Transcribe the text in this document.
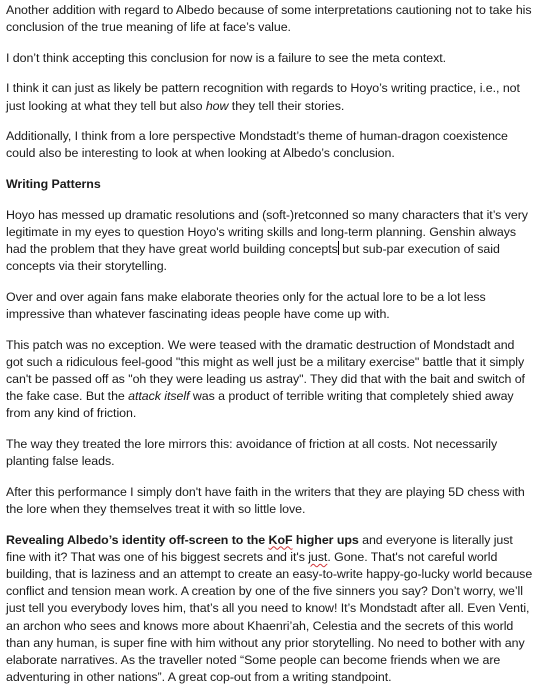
Another addition with regard to Albedo because of some interpretations cautioning not to take his conclusion of the true meaning of life at face’s value.

I don’t think accepting this conclusion for now is a failure to see the meta context.

I think it can just as likely be pattern recognition with regards to Hoyo’s writing practice, i.e., not just looking at what they tell but also how they tell their stories.

Additionally, I think from a lore perspective Mondstadt’s theme of human-dragon coexistence could also be interesting to look at when looking at Albedo’s conclusion.

Writing Patterns

Hoyo has messed up dramatic resolutions and (soft-)retconned so many characters that it’s very legitimate in my eyes to question Hoyo's writing skills and long-term planning. Genshin always had the problem that they have great world building concepts but sub-par execution of said concepts via their storytelling.

Over and over again fans make elaborate theories only for the actual lore to be a lot less impressive than whatever fascinating ideas people have come up with.

This patch was no exception. We were teased with the dramatic destruction of Mondstadt and got such a ridiculous feel-good "this might as well just be a military exercise" battle that it simply can't be passed off as "oh they were leading us astray". They did that with the bait and switch of the fake case. But the attack itself was a product of terrible writing that completely shied away from any kind of friction.

The way they treated the lore mirrors this: avoidance of friction at all costs. Not necessarily planting false leads.

After this performance I simply don't have faith in the writers that they are playing 5D chess with the lore when they themselves treat it with so little love.

Revealing Albedo’s identity off-screen to the KoF higher ups and everyone is literally just fine with it? That was one of his biggest secrets and it's just. Gone. That's not careful world building, that is laziness and an attempt to create an easy-to-write happy-go-lucky world because conflict and tension mean work. A creation by one of the five sinners you say? Don’t worry, we’ll just tell you everybody loves him, that’s all you need to know! It’s Mondstadt after all. Even Venti, an archon who sees and knows more about Khaenri’ah, Celestia and the secrets of this world than any human, is super fine with him without any prior storytelling. No need to bother with any elaborate narratives. As the traveller noted “Some people can become friends when we are adventuring in other nations”. A great cop-out from a writing standpoint.
